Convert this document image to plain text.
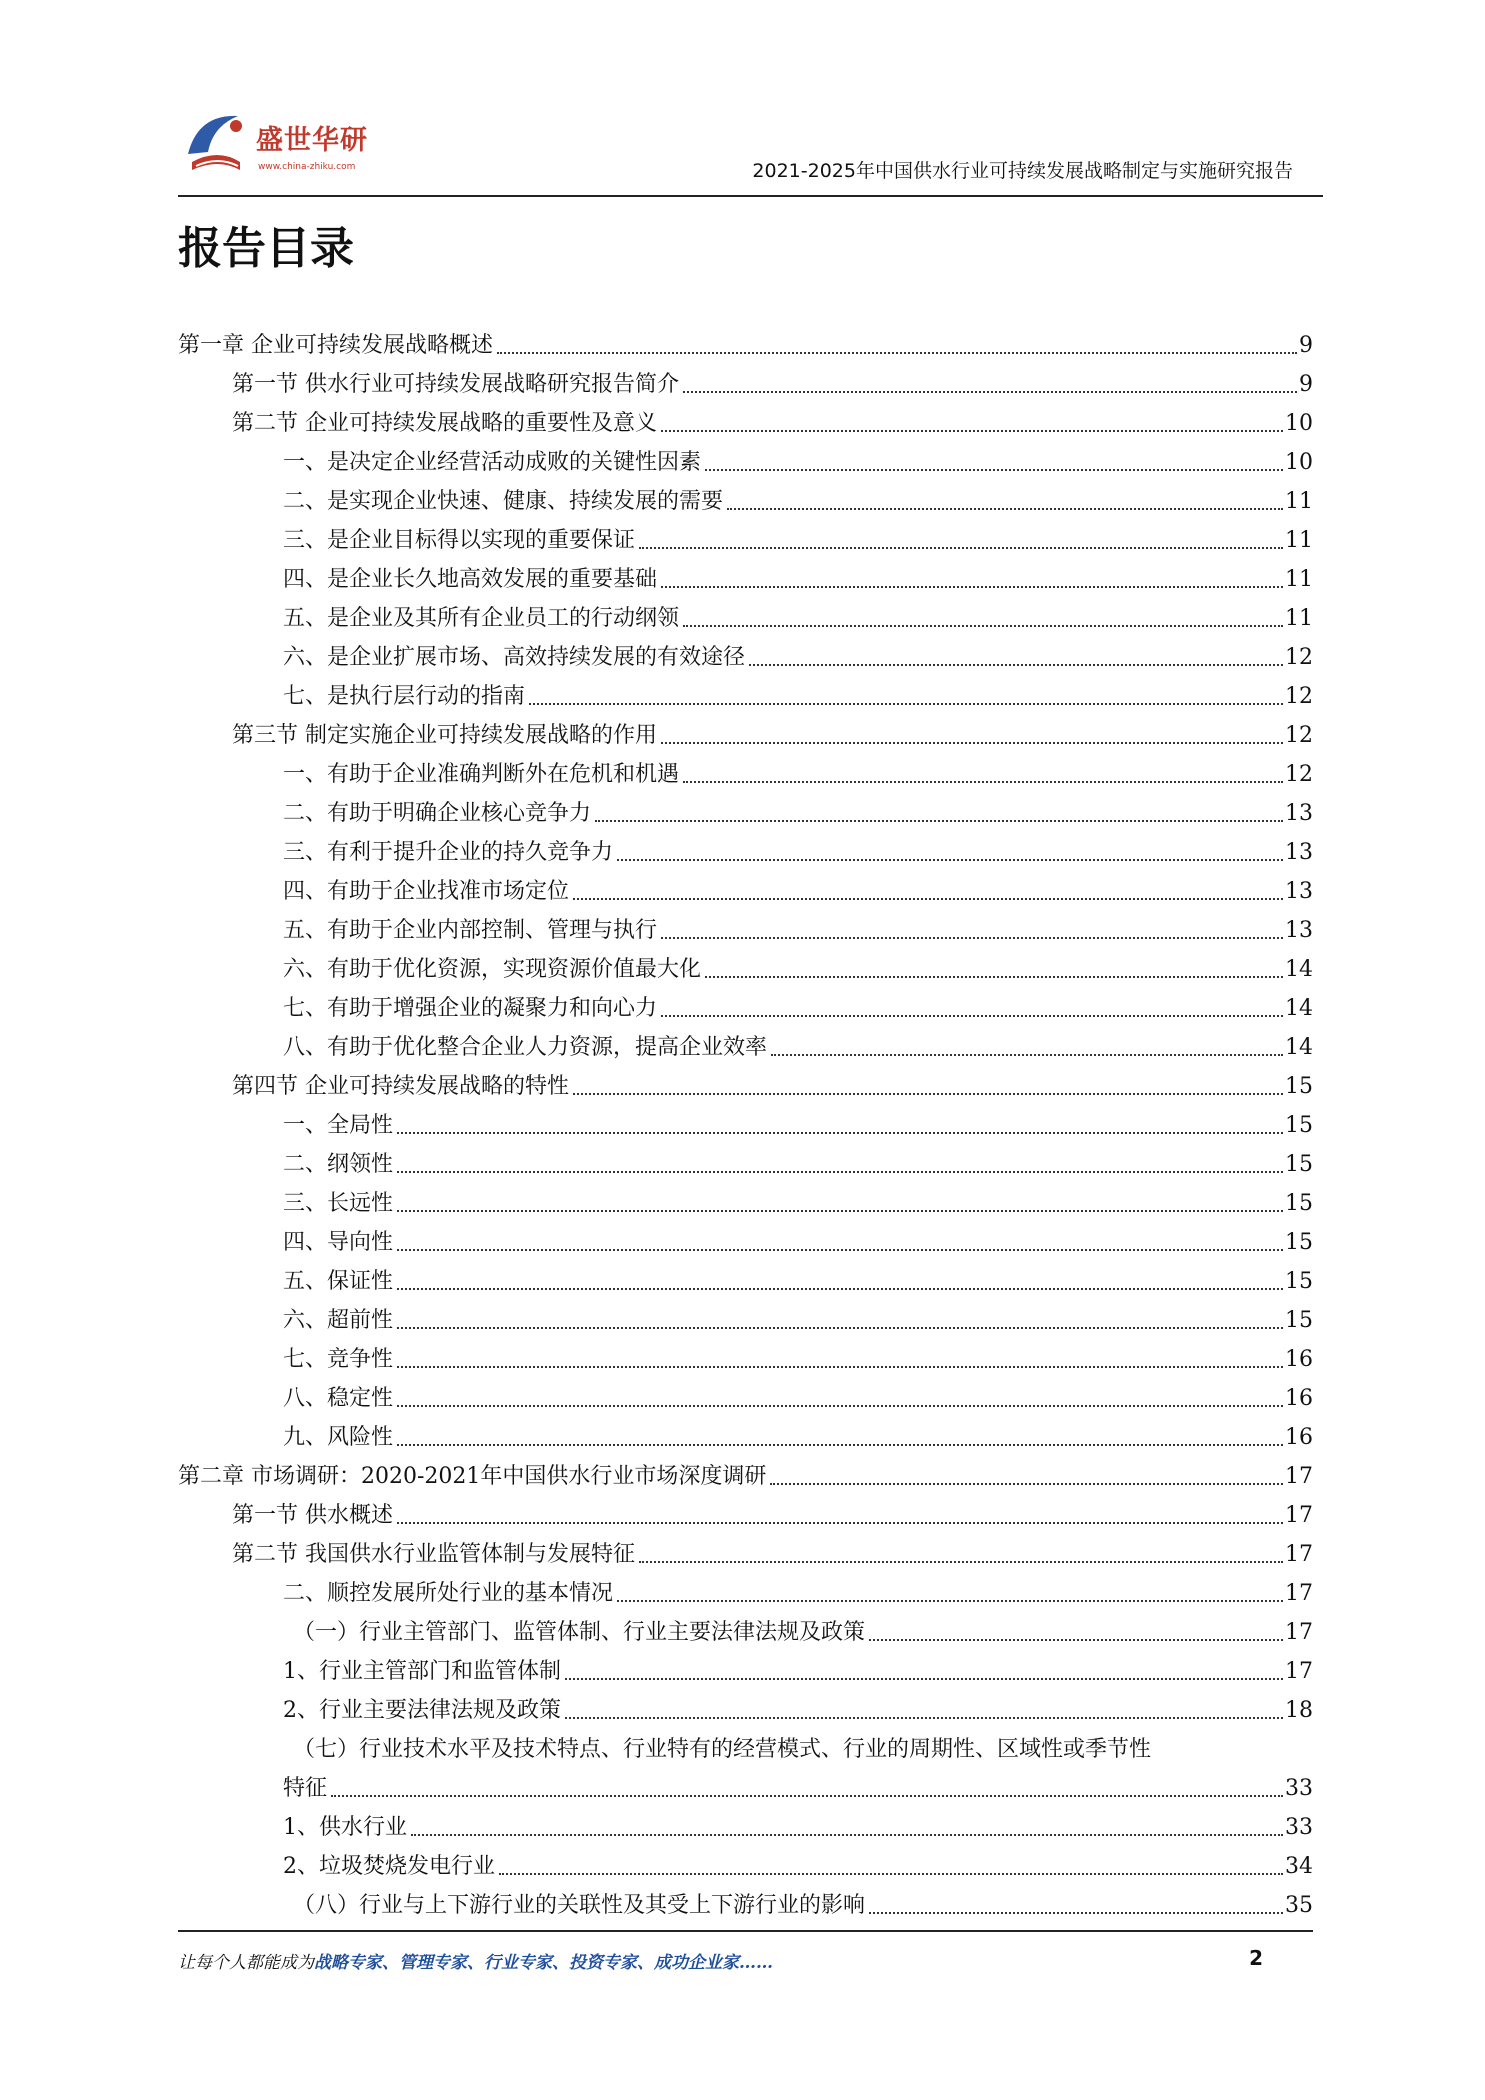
盛世华研
www.china-zhiku.com	2021-2025年中国供水行业可持续发展战略制定与实施研究报告
报告目录
第一章 企业可持续发展战略概述	9
第一节 供水行业可持续发展战略研究报告简介	9
第二节 企业可持续发展战略的重要性及意义	10
一、是决定企业经营活动成败的关键性因素	10
二、是实现企业快速、健康、持续发展的需要	11
三、是企业目标得以实现的重要保证	11
四、是企业长久地高效发展的重要基础	11
五、是企业及其所有企业员工的行动纲领	11
六、是企业扩展市场、高效持续发展的有效途径	12
七、是执行层行动的指南	12
第三节 制定实施企业可持续发展战略的作用	12
一、有助于企业准确判断外在危机和机遇	12
二、有助于明确企业核心竞争力	13
三、有利于提升企业的持久竞争力	13
四、有助于企业找准市场定位	13
五、有助于企业内部控制、管理与执行	13
六、有助于优化资源，实现资源价值最大化	14
七、有助于增强企业的凝聚力和向心力	14
八、有助于优化整合企业人力资源，提高企业效率	14
第四节 企业可持续发展战略的特性	15
一、全局性	15
二、纲领性	15
三、长远性	15
四、导向性	15
五、保证性	15
六、超前性	15
七、竞争性	16
八、稳定性	16
九、风险性	16
第二章 市场调研：2020-2021年中国供水行业市场深度调研	17
第一节 供水概述	17
第二节 我国供水行业监管体制与发展特征	17
二、顺控发展所处行业的基本情况	17
（一）行业主管部门、监管体制、行业主要法律法规及政策	17
1、行业主管部门和监管体制	17
2、行业主要法律法规及政策	18
（七）行业技术水平及技术特点、行业特有的经营模式、行业的周期性、区域性或季节性
特征	33
1、供水行业	33
2、垃圾焚烧发电行业	34
（八）行业与上下游行业的关联性及其受上下游行业的影响	35
让每个人都能成为战略专家、管理专家、行业专家、投资专家、成功企业家……	2
